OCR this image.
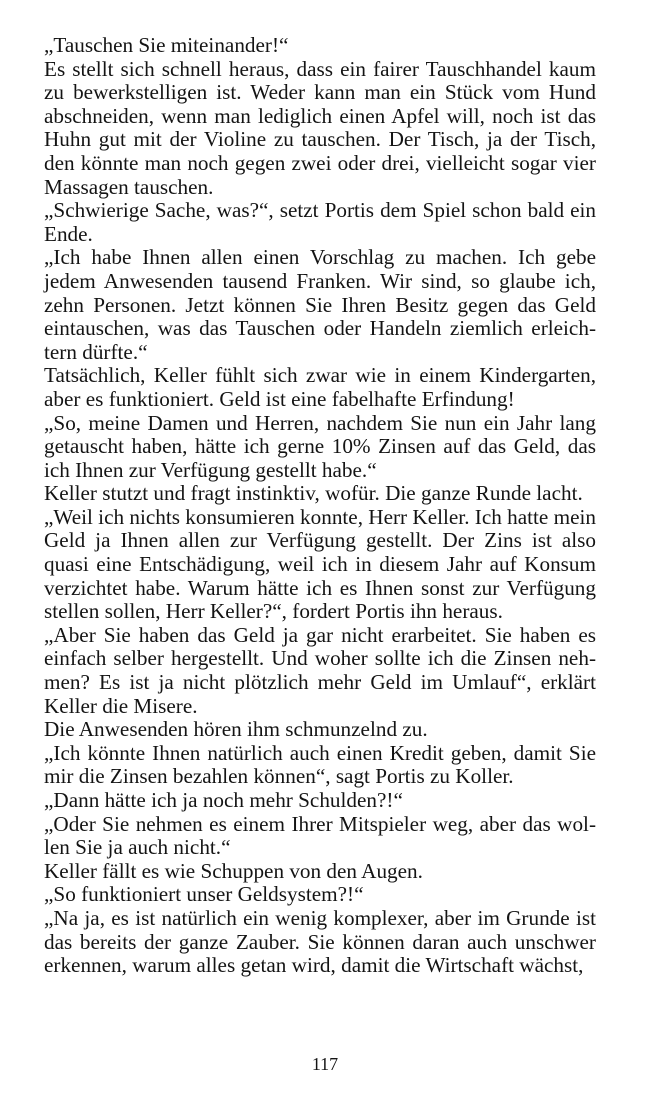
„Tauschen Sie miteinander!“

Es stellt sich schnell heraus, dass ein fairer Tauschhandel kaum zu bewerkstelligen ist. Weder kann man ein Stück vom Hund abschneiden, wenn man lediglich einen Apfel will, noch ist das Huhn gut mit der Violine zu tauschen. Der Tisch, ja der Tisch, den könnte man noch gegen zwei oder drei, vielleicht sogar vier Massagen tauschen.

„Schwierige Sache, was?“, setzt Portis dem Spiel schon bald ein Ende.

„Ich habe Ihnen allen einen Vorschlag zu machen. Ich gebe jedem Anwesenden tausend Franken. Wir sind, so glaube ich, zehn Personen. Jetzt können Sie Ihren Besitz gegen das Geld eintauschen, was das Tauschen oder Handeln ziemlich erleichtern dürfte.“

Tatsächlich, Keller fühlt sich zwar wie in einem Kindergarten, aber es funktioniert. Geld ist eine fabelhafte Erfindung!

„So, meine Damen und Herren, nachdem Sie nun ein Jahr lang getauscht haben, hätte ich gerne 10% Zinsen auf das Geld, das ich Ihnen zur Verfügung gestellt habe.“

Keller stutzt und fragt instinktiv, wofür. Die ganze Runde lacht.

„Weil ich nichts konsumieren konnte, Herr Keller. Ich hatte mein Geld ja Ihnen allen zur Verfügung gestellt. Der Zins ist also quasi eine Entschädigung, weil ich in diesem Jahr auf Konsum verzichtet habe. Warum hätte ich es Ihnen sonst zur Verfügung stellen sollen, Herr Keller?“, fordert Portis ihn heraus.

„Aber Sie haben das Geld ja gar nicht erarbeitet. Sie haben es einfach selber hergestellt. Und woher sollte ich die Zinsen nehmen? Es ist ja nicht plötzlich mehr Geld im Umlauf“, erklärt Keller die Misere.

Die Anwesenden hören ihm schmunzelnd zu.

„Ich könnte Ihnen natürlich auch einen Kredit geben, damit Sie mir die Zinsen bezahlen können“, sagt Portis zu Koller.

„Dann hätte ich ja noch mehr Schulden?!“

„Oder Sie nehmen es einem Ihrer Mitspieler weg, aber das wollen Sie ja auch nicht.“

Keller fällt es wie Schuppen von den Augen.

„So funktioniert unser Geldsystem?!“

„Na ja, es ist natürlich ein wenig komplexer, aber im Grunde ist das bereits der ganze Zauber. Sie können daran auch unschwer erkennen, warum alles getan wird, damit die Wirtschaft wächst,

117
